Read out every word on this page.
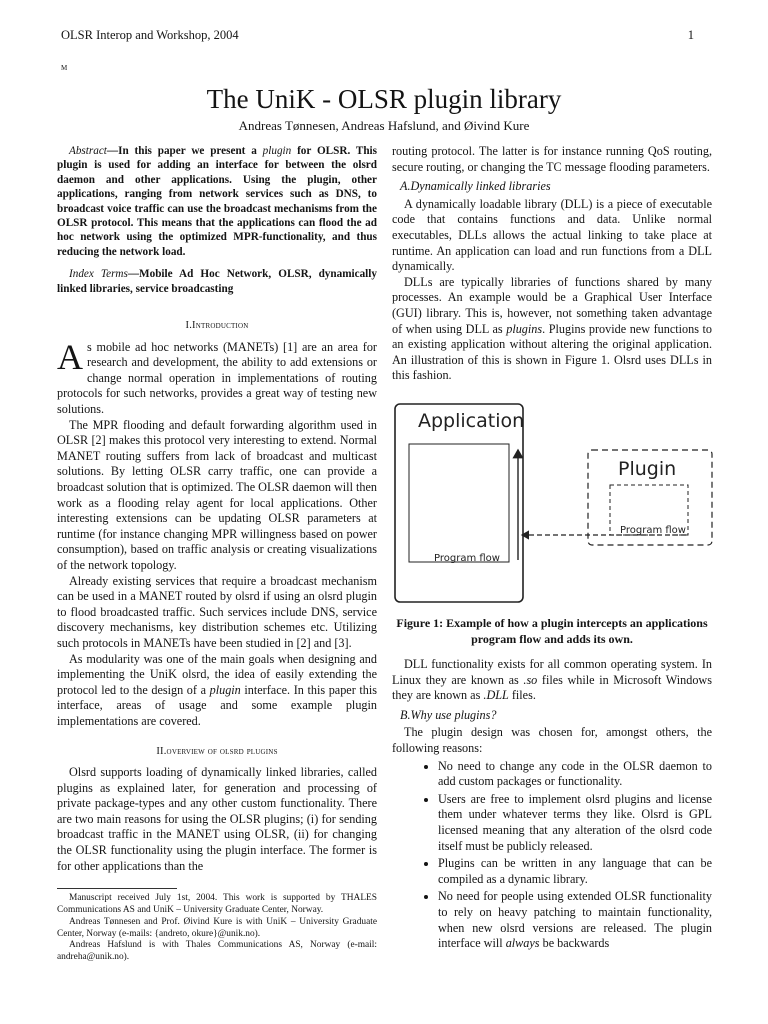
OLSR Interop and Workshop, 2004	1
M
The UniK - OLSR plugin library
Andreas Tønnesen, Andreas Hafslund, and Øivind Kure

Abstract—In this paper we present a plugin for OLSR. This plugin is used for adding an interface for between the olsrd daemon and other applications. Using the plugin, other applications, ranging from network services such as DNS, to broadcast voice traffic can use the broadcast mechanisms from the OLSR protocol. This means that the applications can flood the ad hoc network using the optimized MPR-functionality, and thus reducing the network load.

Index Terms—Mobile Ad Hoc Network, OLSR, dynamically linked libraries, service broadcasting

I.Introduction

As mobile ad hoc networks (MANETs) [1] are an area for research and development, the ability to add extensions or change normal operation in implementations of routing protocols for such networks, provides a great way of testing new solutions.

The MPR flooding and default forwarding algorithm used in OLSR [2] makes this protocol very interesting to extend. Normal MANET routing suffers from lack of broadcast and multicast solutions. By letting OLSR carry traffic, one can provide a broadcast solution that is optimized. The OLSR daemon will then work as a flooding relay agent for local applications. Other interesting extensions can be updating OLSR parameters at runtime (for instance changing MPR willingness based on power consumption), based on traffic analysis or creating visualizations of the network topology.

Already existing services that require a broadcast mechanism can be used in a MANET routed by olsrd if using an olsrd plugin to flood broadcasted traffic. Such services include DNS, service discovery mechanisms, key distribution schemes etc. Utilizing such protocols in MANETs have been studied in [2] and [3].

As modularity was one of the main goals when designing and implementing the UniK olsrd, the idea of easily extending the protocol led to the design of a plugin interface. In this paper this interface, areas of usage and some example plugin implementations are covered.

II.overview of olsrd plugins

Olsrd supports loading of dynamically linked libraries, called plugins as explained later, for generation and processing of private package-types and any other custom functionality. There are two main reasons for using the OLSR plugins; (i) for sending broadcast traffic in the MANET using OLSR, (ii) for changing the OLSR functionality using the plugin interface. The former is for other applications than the

Manuscript received July 1st, 2004. This work is supported by THALES Communications AS and UniK – University Graduate Center, Norway.

Andreas Tønnesen and Prof. Øivind Kure is with UniK – University Graduate Center, Norway (e-mails: {andreto, okure}@unik.no).

Andreas Hafslund is with Thales Communications AS, Norway (e-mail: andreha@unik.no).

routing protocol. The latter is for instance running QoS routing, secure routing, or changing the TC message flooding parameters.

A.Dynamically linked libraries

A dynamically loadable library (DLL) is a piece of executable code that contains functions and data. Unlike normal executables, DLLs allows the actual linking to take place at runtime. An application can load and run functions from a DLL dynamically.

DLLs are typically libraries of functions shared by many processes. An example would be a Graphical User Interface (GUI) library. This is, however, not something taken advantage of when using DLL as plugins. Plugins provide new functions to an existing application without altering the original application. An illustration of this is shown in Figure 1. Olsrd uses DLLs in this fashion.

Application
Program flow
Plugin
Program flow
Figure 1: Example of how a plugin intercepts an applications program flow and adds its own.

DLL functionality exists for all common operating system. In Linux they are known as .so files while in Microsoft Windows they are known as .DLL files.

B.Why use plugins?

The plugin design was chosen for, amongst others, the following reasons:

• No need to change any code in the OLSR daemon to add custom packages or functionality.
• Users are free to implement olsrd plugins and license them under whatever terms they like. Olsrd is GPL licensed meaning that any alteration of the olsrd code itself must be publicly released.
• Plugins can be written in any language that can be compiled as a dynamic library.
• No need for people using extended OLSR functionality to rely on heavy patching to maintain functionality, when new olsrd versions are released. The plugin interface will always be backwards
